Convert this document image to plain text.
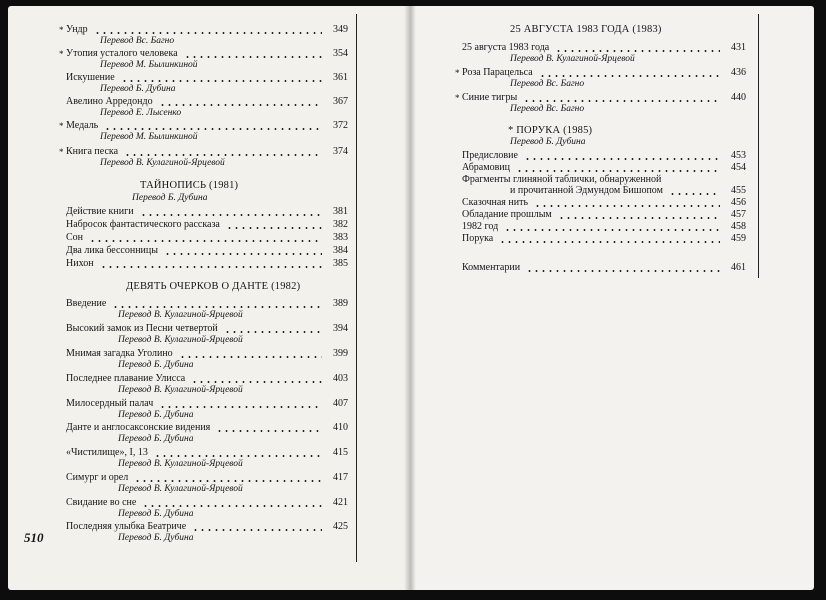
510
* Ундр
Перевод Вс. Багно
349
* Утопия усталого человека
Перевод М. Былинкиной
354
Искушение
Перевод Б. Дубина
361
Авелино Арредондо
Перевод Е. Лысенко
367
* Медаль
Перевод М. Былинкиной
372
* Книга песка
Перевод В. Кулагиной-Ярцевой
374
ТАЙНОПИСЬ (1981)
Перевод Б. Дубина
Действие книги	381
Набросок фантастического рассказа	382
Сон	383
Два лика бессонницы	384
Нихон	385
ДЕВЯТЬ ОЧЕРКОВ О ДАНТЕ (1982)
Введение
Перевод В. Кулагиной-Ярцевой
389
Высокий замок из Песни четвертой
Перевод В. Кулагиной-Ярцевой
394
Мнимая загадка Уголино
Перевод Б. Дубина
399
Последнее плавание Улисса
Перевод В. Кулагиной-Ярцевой
403
Милосердный палач
Перевод Б. Дубина
407
Данте и англосаксонские видения
Перевод Б. Дубина
410
«Чистилище», I, 13
Перевод В. Кулагиной-Ярцевой
415
Симург и орел
Перевод В. Кулагиной-Ярцевой
417
Свидание во сне
Перевод Б. Дубина
421
Последняя улыбка Беатриче
Перевод Б. Дубина
425
25 АВГУСТА 1983 ГОДА (1983)
25 августа 1983 года
Перевод В. Кулагиной-Ярцевой
431
* Роза Парацельса
Перевод Вс. Багно
436
* Синие тигры
Перевод Вс. Багно
440
* ПОРУКА (1985)
Перевод Б. Дубина
Предисловие	453
Абрамовиц	454
Фрагменты глиняной таблички, обнаруженной
и прочитанной Эдмундом Бишопом	455
Сказочная нить	456
Обладание прошлым	457
1982 год	458
Порука	459
Комментарии	461
